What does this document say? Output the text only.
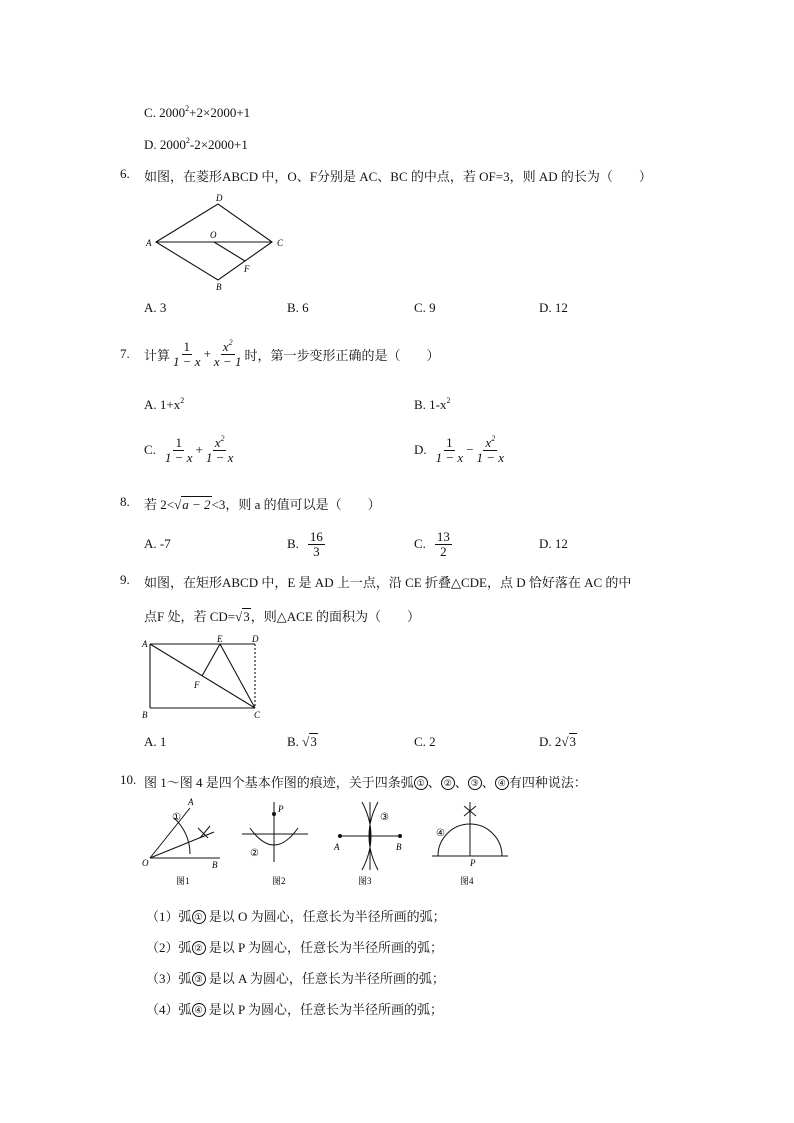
C. $2000^2+2\times 2000+1$
D. $2000^2-2\times 2000+1$
6. 如图，在菱形ABCD 中，O、F分别是 AC、BC 的中点，若 OF=3，则 AD 的长为（　　）
A
D
C
B
O
F
A. 3	B. 6	C. 9	D. 12
7. 计算 $\frac{1}{1 - x} + \frac{x^2}{x - 1}$ 时，第一步变形正确的是（　　）
A. $1+x^2$	B. $1-x^2$
C. $\frac{1}{1 - x} + \frac{x^2}{1 - x}$	D. $\frac{1}{1 - x} - \frac{x^2}{1 - x}$
8. 若 2<√a − 2<3，则 a 的值可以是（　　）
A. -7	B. $\frac{16}{3}$	C. $\frac{13}{2}$	D. 12
9. 如图，在矩形ABCD 中，E 是 AD 上一点，沿 CE 折叠△CDE，点 D 恰好落在 AC 的中
点F 处，若 CD=√3，则△ACE 的面积为（　　）
A	E	D
B	C
F
A. 1	B. √3	C. 2	D. 2√3
10. 图 1～图 4 是四个基本作图的痕迹，关于四条弧 ① 、 ② 、 ③ 、 ④ 有四种说法：
A
O	B
①
图1
P
②
图2
A	B
③
图3
④
P
图4
（1）弧 ① 是以 O 为圆心，任意长为半径所画的弧；
（2）弧 ② 是以 P 为圆心，任意长为半径所画的弧；
（3）弧 ③ 是以 A 为圆心，任意长为半径所画的弧；
（4）弧 ④ 是以 P 为圆心，任意长为半径所画的弧；
